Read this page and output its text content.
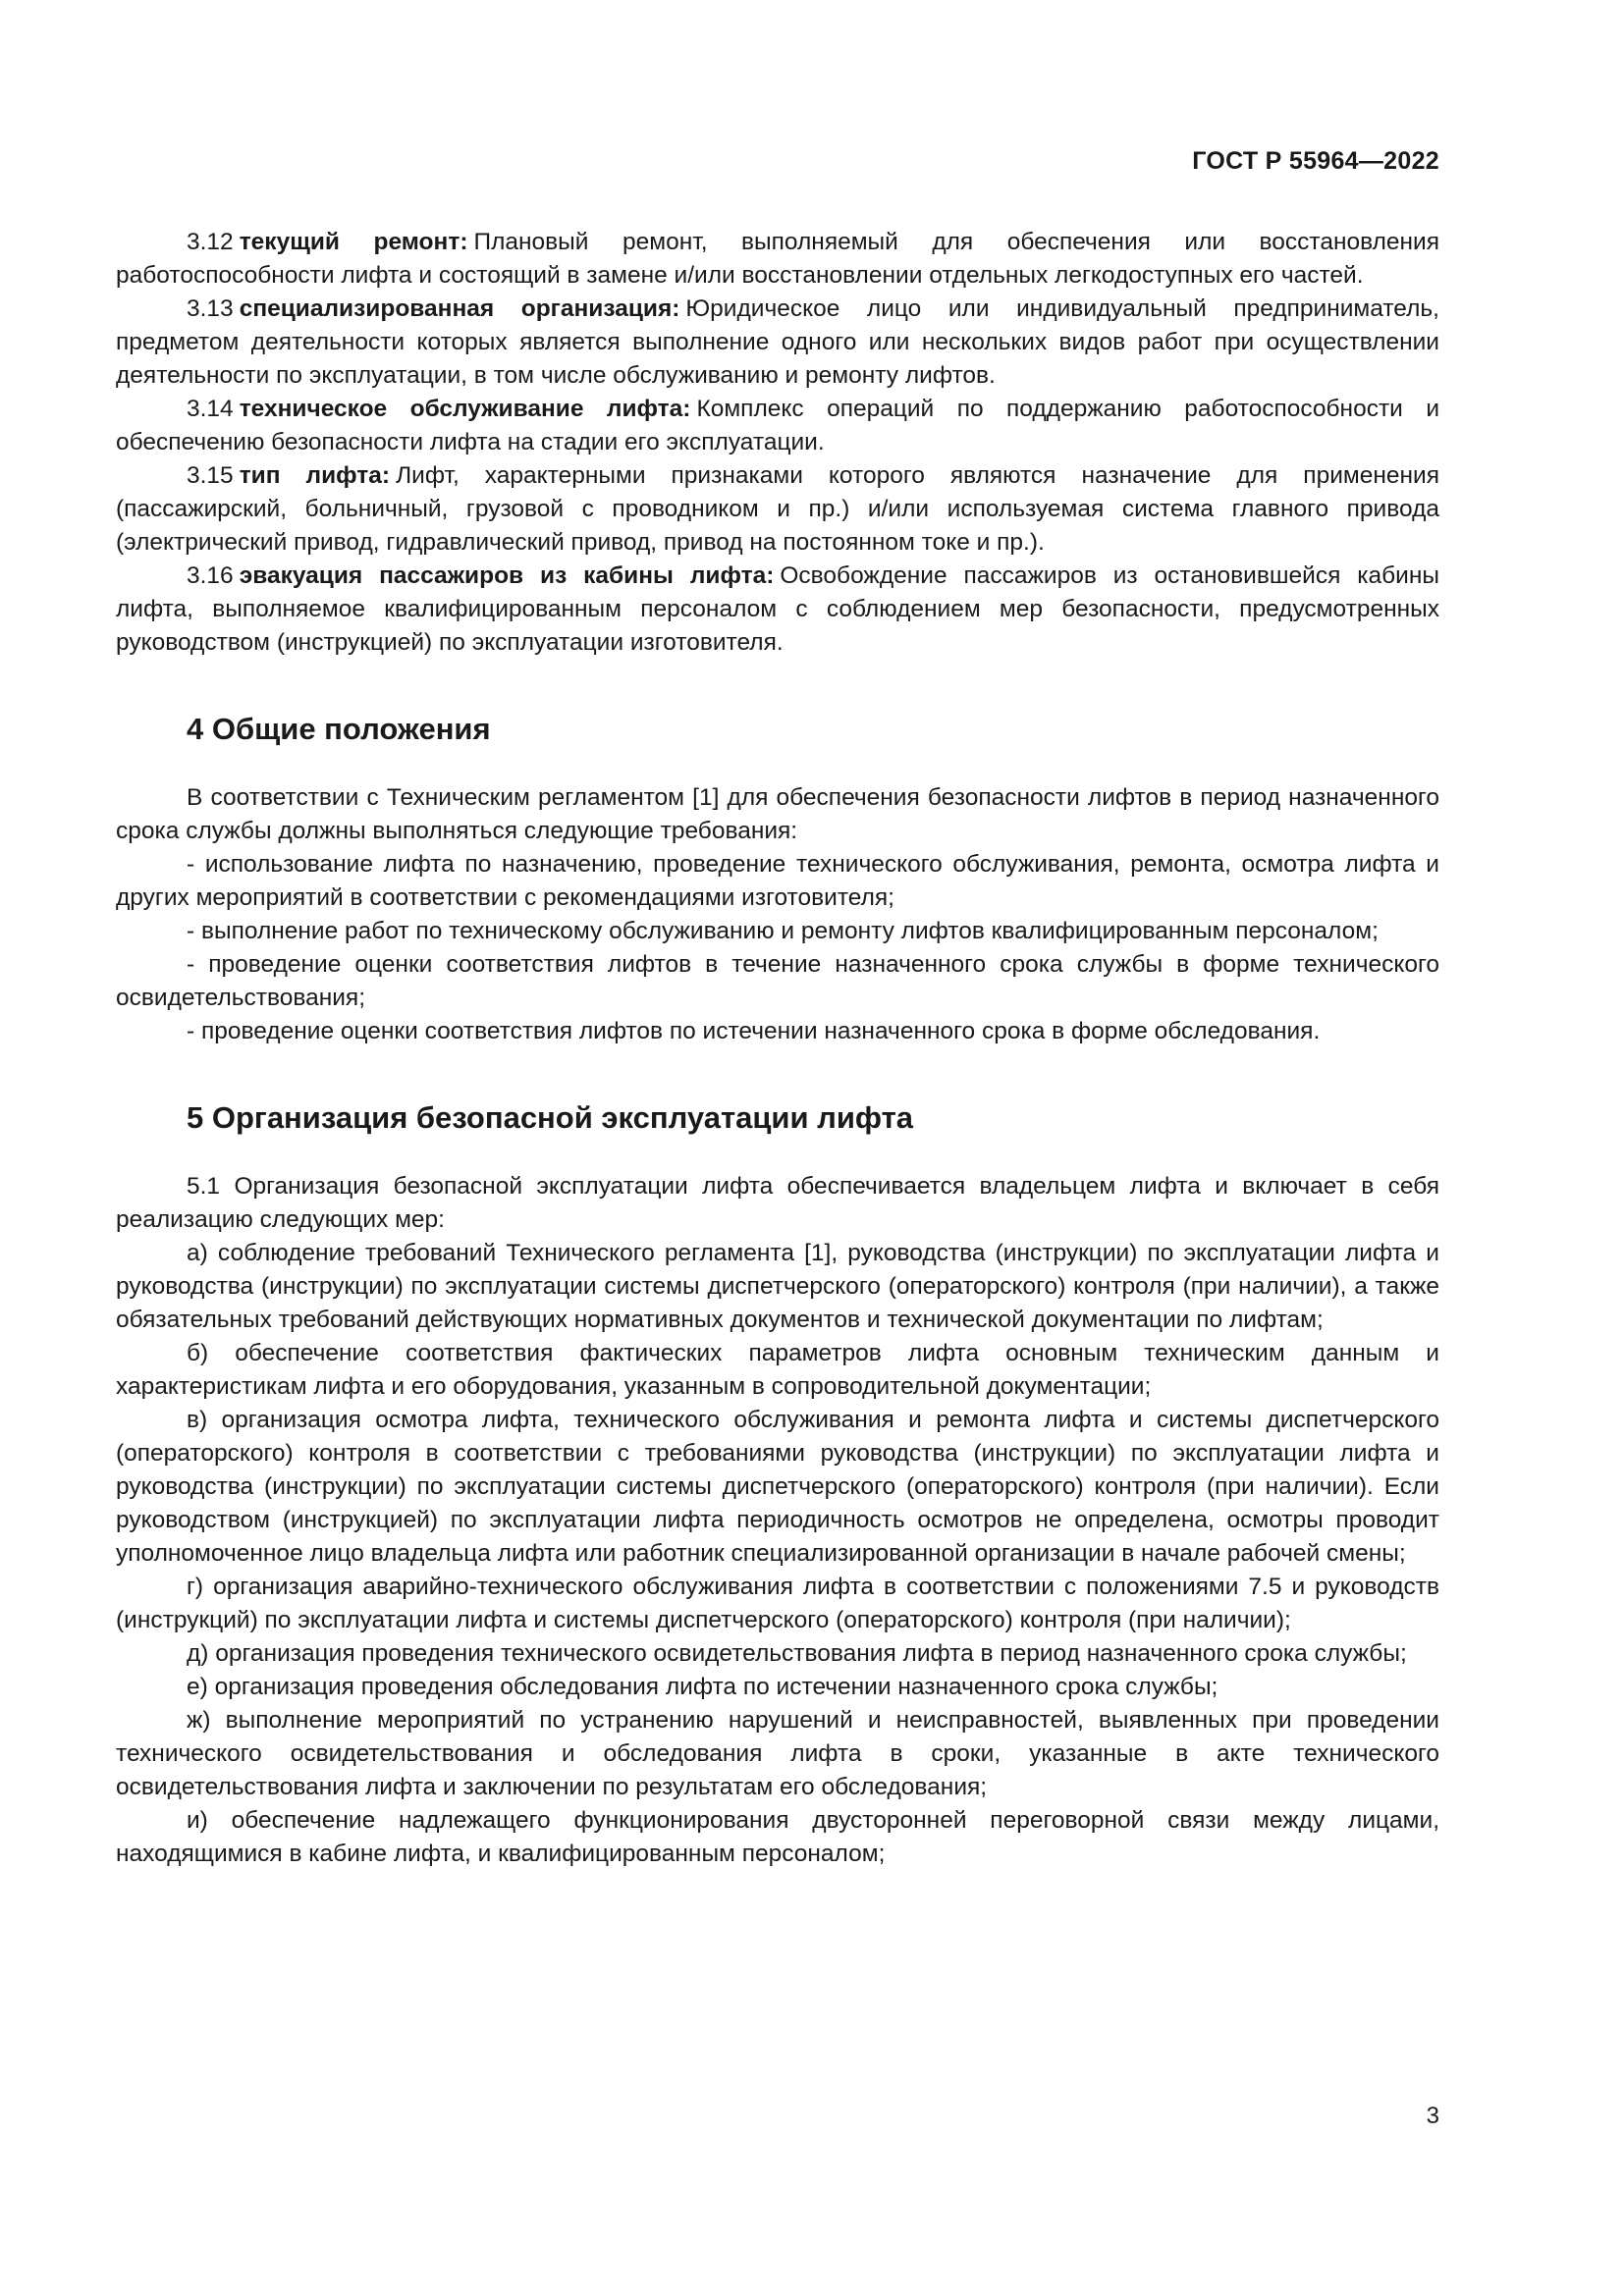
ГОСТ Р 55964—2022

3.12 текущий ремонт: Плановый ремонт, выполняемый для обеспечения или восстановления работоспособности лифта и состоящий в замене и/или восстановлении отдельных легкодоступных его частей.

3.13 специализированная организация: Юридическое лицо или индивидуальный предприниматель, предметом деятельности которых является выполнение одного или нескольких видов работ при осуществлении деятельности по эксплуатации, в том числе обслуживанию и ремонту лифтов.

3.14 техническое обслуживание лифта: Комплекс операций по поддержанию работоспособности и обеспечению безопасности лифта на стадии его эксплуатации.

3.15 тип лифта: Лифт, характерными признаками которого являются назначение для применения (пассажирский, больничный, грузовой с проводником и пр.) и/или используемая система главного привода (электрический привод, гидравлический привод, привод на постоянном токе и пр.).

3.16 эвакуация пассажиров из кабины лифта: Освобождение пассажиров из остановившейся кабины лифта, выполняемое квалифицированным персоналом с соблюдением мер безопасности, предусмотренных руководством (инструкцией) по эксплуатации изготовителя.

4 Общие положения

В соответствии с Техническим регламентом [1] для обеспечения безопасности лифтов в период назначенного срока службы должны выполняться следующие требования:

- использование лифта по назначению, проведение технического обслуживания, ремонта, осмотра лифта и других мероприятий в соответствии с рекомендациями изготовителя;

- выполнение работ по техническому обслуживанию и ремонту лифтов квалифицированным персоналом;

- проведение оценки соответствия лифтов в течение назначенного срока службы в форме технического освидетельствования;

- проведение оценки соответствия лифтов по истечении назначенного срока в форме обследования.

5 Организация безопасной эксплуатации лифта

5.1 Организация безопасной эксплуатации лифта обеспечивается владельцем лифта и включает в себя реализацию следующих мер:

а) соблюдение требований Технического регламента [1], руководства (инструкции) по эксплуатации лифта и руководства (инструкции) по эксплуатации системы диспетчерского (операторского) контроля (при наличии), а также обязательных требований действующих нормативных документов и технической документации по лифтам;

б) обеспечение соответствия фактических параметров лифта основным техническим данным и характеристикам лифта и его оборудования, указанным в сопроводительной документации;

в) организация осмотра лифта, технического обслуживания и ремонта лифта и системы диспетчерского (операторского) контроля в соответствии с требованиями руководства (инструкции) по эксплуатации лифта и руководства (инструкции) по эксплуатации системы диспетчерского (операторского) контроля (при наличии). Если руководством (инструкцией) по эксплуатации лифта периодичность осмотров не определена, осмотры проводит уполномоченное лицо владельца лифта или работник специализированной организации в начале рабочей смены;

г) организация аварийно-технического обслуживания лифта в соответствии с положениями 7.5 и руководств (инструкций) по эксплуатации лифта и системы диспетчерского (операторского) контроля (при наличии);

д) организация проведения технического освидетельствования лифта в период назначенного срока службы;

е) организация проведения обследования лифта по истечении назначенного срока службы;

ж) выполнение мероприятий по устранению нарушений и неисправностей, выявленных при проведении технического освидетельствования и обследования лифта в сроки, указанные в акте технического освидетельствования лифта и заключении по результатам его обследования;

и) обеспечение надлежащего функционирования двусторонней переговорной связи между лицами, находящимися в кабине лифта, и квалифицированным персоналом;

3
